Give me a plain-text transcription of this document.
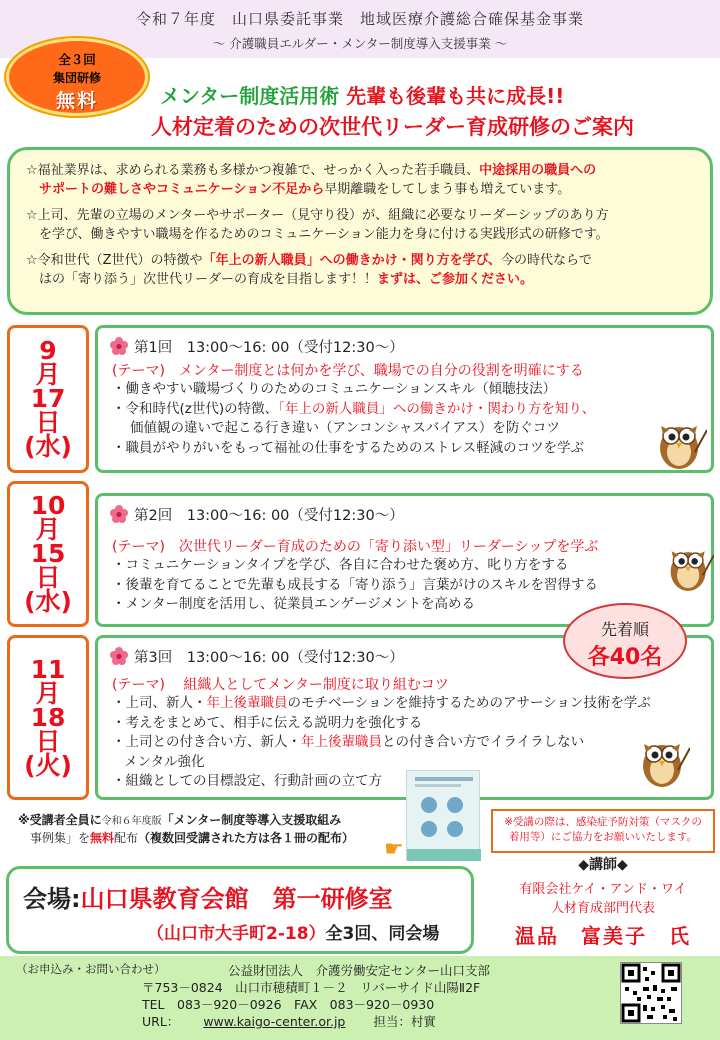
令和７年度　山口県委託事業　地域医療介護総合確保基金事業
～ 介護職員エルダー・メンター制度導入支援事業 ～
全３回
集団研修
無料	メンター制度活用術 先輩も後輩も共に成長!!
人材定着のための次世代リーダー育成研修のご案内

☆福祉業界は、求められる業務も多様かつ複雑で、せっかく入った若手職員、中途採用の職員への
サポートの難しさやコミュニケーション不足から早期離職をしてしまう事も増えています。

☆上司、先輩の立場のメンターやサポーター（見守り役）が、組織に必要なリーダーシップのあり方
を学び、働きやすい職場を作るためのコミュニケーション能力を身に付ける実践形式の研修です。

☆令和世代（Z世代）の特徴や「年上の新人職員」への働きかけ・関り方を学び、今の時代ならで
はの「寄り添う」次世代リーダーの育成を目指します！！まずは、ご参加ください。

9
月
17
日
(水)
第1回　13:00～16: 00（受付12:30～）
(テーマ)　メンター制度とは何かを学び、職場での自分の役割を明確にする
・働きやすい職場づくりのためのコミュニケーションスキル（傾聴技法）
・令和時代(z世代)の特徴、「年上の新人職員」への働きかけ・関わり方を知り、
価値観の違いで起こる行き違い（アンコンシャスバイアス）を防ぐコツ
・職員がやりがいをもって福祉の仕事をするためのストレス軽減のコツを学ぶ
10
月
15
日
(水)
第2回　13:00～16: 00（受付12:30～）
(テーマ)　次世代リーダー育成のための「寄り添い型」リーダーシップを学ぶ
・コミュニケーションタイプを学び、各自に合わせた褒め方、叱り方をする
・後輩を育てることで先輩も成長する「寄り添う」言葉がけのスキルを習得する
・メンター制度を活用し、従業員エンゲージメントを高める
11
月
18
日
(火)
第3回　13:00～16: 00（受付12:30～）
(テーマ)　 組織人としてメンター制度に取り組むコツ
・上司、新人・年上後輩職員のモチベーションを維持するためのアサーション技術を学ぶ
・考えをまとめて、相手に伝える説明力を強化する
・上司との付き合い方、新人・年上後輩職員との付き合い方でイライラしない
メンタル強化
・組織としての目標設定、行動計画の立て方
先着順
各40名
☛
※受講者全員に令和６年度版「メンター制度等導入支援取組み
事例集」を無料配布（複数回受講された方は各１冊の配布）
※受講の際は、感染症予防対策（マスクの着用等）にご協力をお願いいたします。
会場:山口県教育会館　第一研修室
（山口市大手町2-18）全3回、同会場
◆講師◆
有限会社ケイ・アンド・ワイ
人材育成部門代表
温品　富美子　氏
（お申込み・お問い合わせ）	公益財団法人　介護労働安定センター山口支部
〒753－0824　山口市穂積町１－２　リバーサイド山陽Ⅱ2F
TEL　083－920－0926　FAX　083－920－0930
URL： www.kaigo-center.or.jp 担当：村實
